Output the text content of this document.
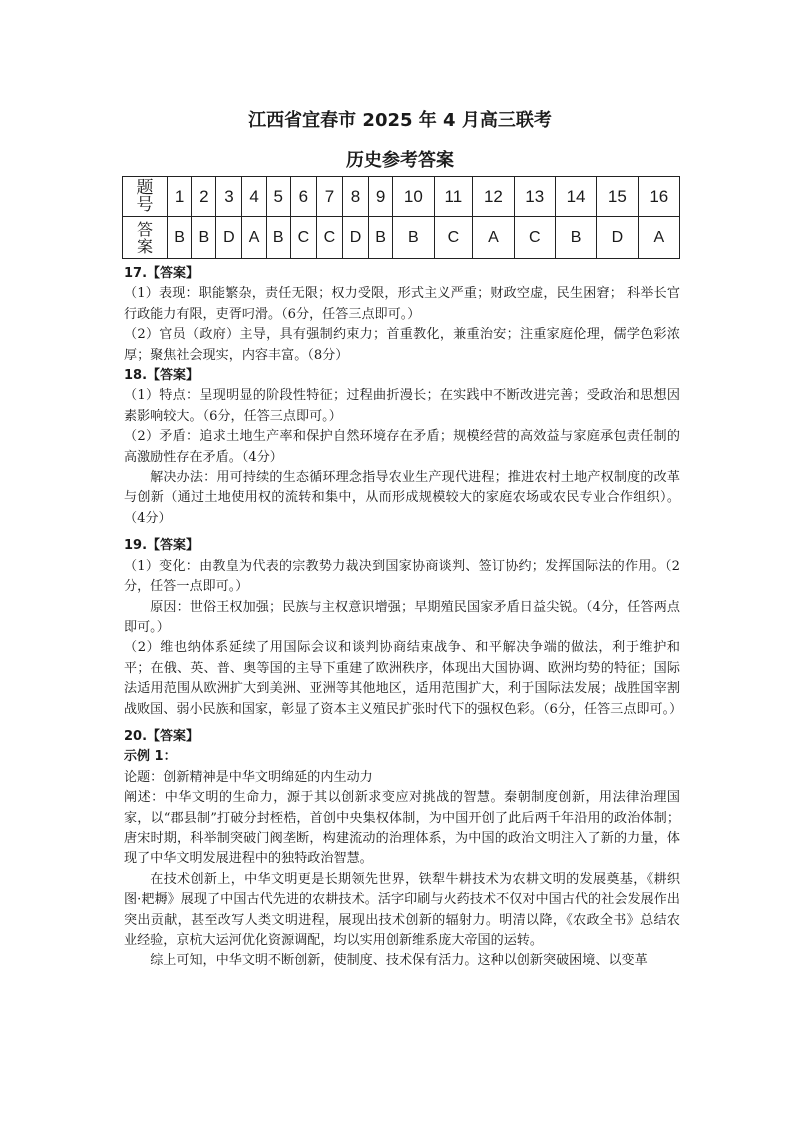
江西省宜春市 2025 年 4 月高三联考
历史参考答案
题号	1	2	3	4	5	6	7	8	9	10	11	12	13	14	15	16
答案	B	B	D	A	B	C	C	D	B	B	C	A	C	B	D	A

17.【答案】

（1）表现：职能繁杂，责任无限；权力受限，形式主义严重；财政空虚，民生困窘； 科举长官行政能力有限，吏胥叼滑。（6分，任答三点即可。）

（2）官员（政府）主导，具有强制约束力；首重教化，兼重治安；注重家庭伦理，儒学色彩浓厚；聚焦社会现实，内容丰富。（8分）

18.【答案】

（1）特点：呈现明显的阶段性特征；过程曲折漫长；在实践中不断改进完善；受政治和思想因素影响较大。（6分，任答三点即可。）

（2）矛盾：追求土地生产率和保护自然环境存在矛盾；规模经营的高效益与家庭承包责任制的高激励性存在矛盾。（4分）

解决办法：用可持续的生态循环理念指导农业生产现代进程；推进农村土地产权制度的改革与创新（通过土地使用权的流转和集中，从而形成规模较大的家庭农场或农民专业合作组织）。（4分）

19.【答案】

（1）变化：由教皇为代表的宗教势力裁决到国家协商谈判、签订协约；发挥国际法的作用。（2分，任答一点即可。）

原因：世俗王权加强；民族与主权意识增强；早期殖民国家矛盾日益尖锐。（4分，任答两点即可。）

（2）维也纳体系延续了用国际会议和谈判协商结束战争、和平解决争端的做法，利于维护和平；在俄、英、普、奥等国的主导下重建了欧洲秩序，体现出大国协调、欧洲均势的特征；国际法适用范围从欧洲扩大到美洲、亚洲等其他地区，适用范围扩大，利于国际法发展；战胜国宰割战败国、弱小民族和国家，彰显了资本主义殖民扩张时代下的强权色彩。（6分，任答三点即可。）

20.【答案】

示例 1：

论题：创新精神是中华文明绵延的内生动力

阐述：中华文明的生命力，源于其以创新求变应对挑战的智慧。秦朝制度创新，用法律治理国家，以“郡县制”打破分封桎梏，首创中央集权体制，为中国开创了此后两千年沿用的政治体制；唐宋时期，科举制突破门阀垄断，构建流动的治理体系，为中国的政治文明注入了新的力量，体现了中华文明发展进程中的独特政治智慧。

在技术创新上，中华文明更是长期领先世界，铁犁牛耕技术为农耕文明的发展奠基，《耕织图·耙耨》展现了中国古代先进的农耕技术。活字印刷与火药技术不仅对中国古代的社会发展作出突出贡献，甚至改写人类文明进程，展现出技术创新的辐射力。明清以降，《农政全书》总结农业经验，京杭大运河优化资源调配，均以实用创新维系庞大帝国的运转。

综上可知，中华文明不断创新，使制度、技术保有活力。这种以创新突破困境、以变革
